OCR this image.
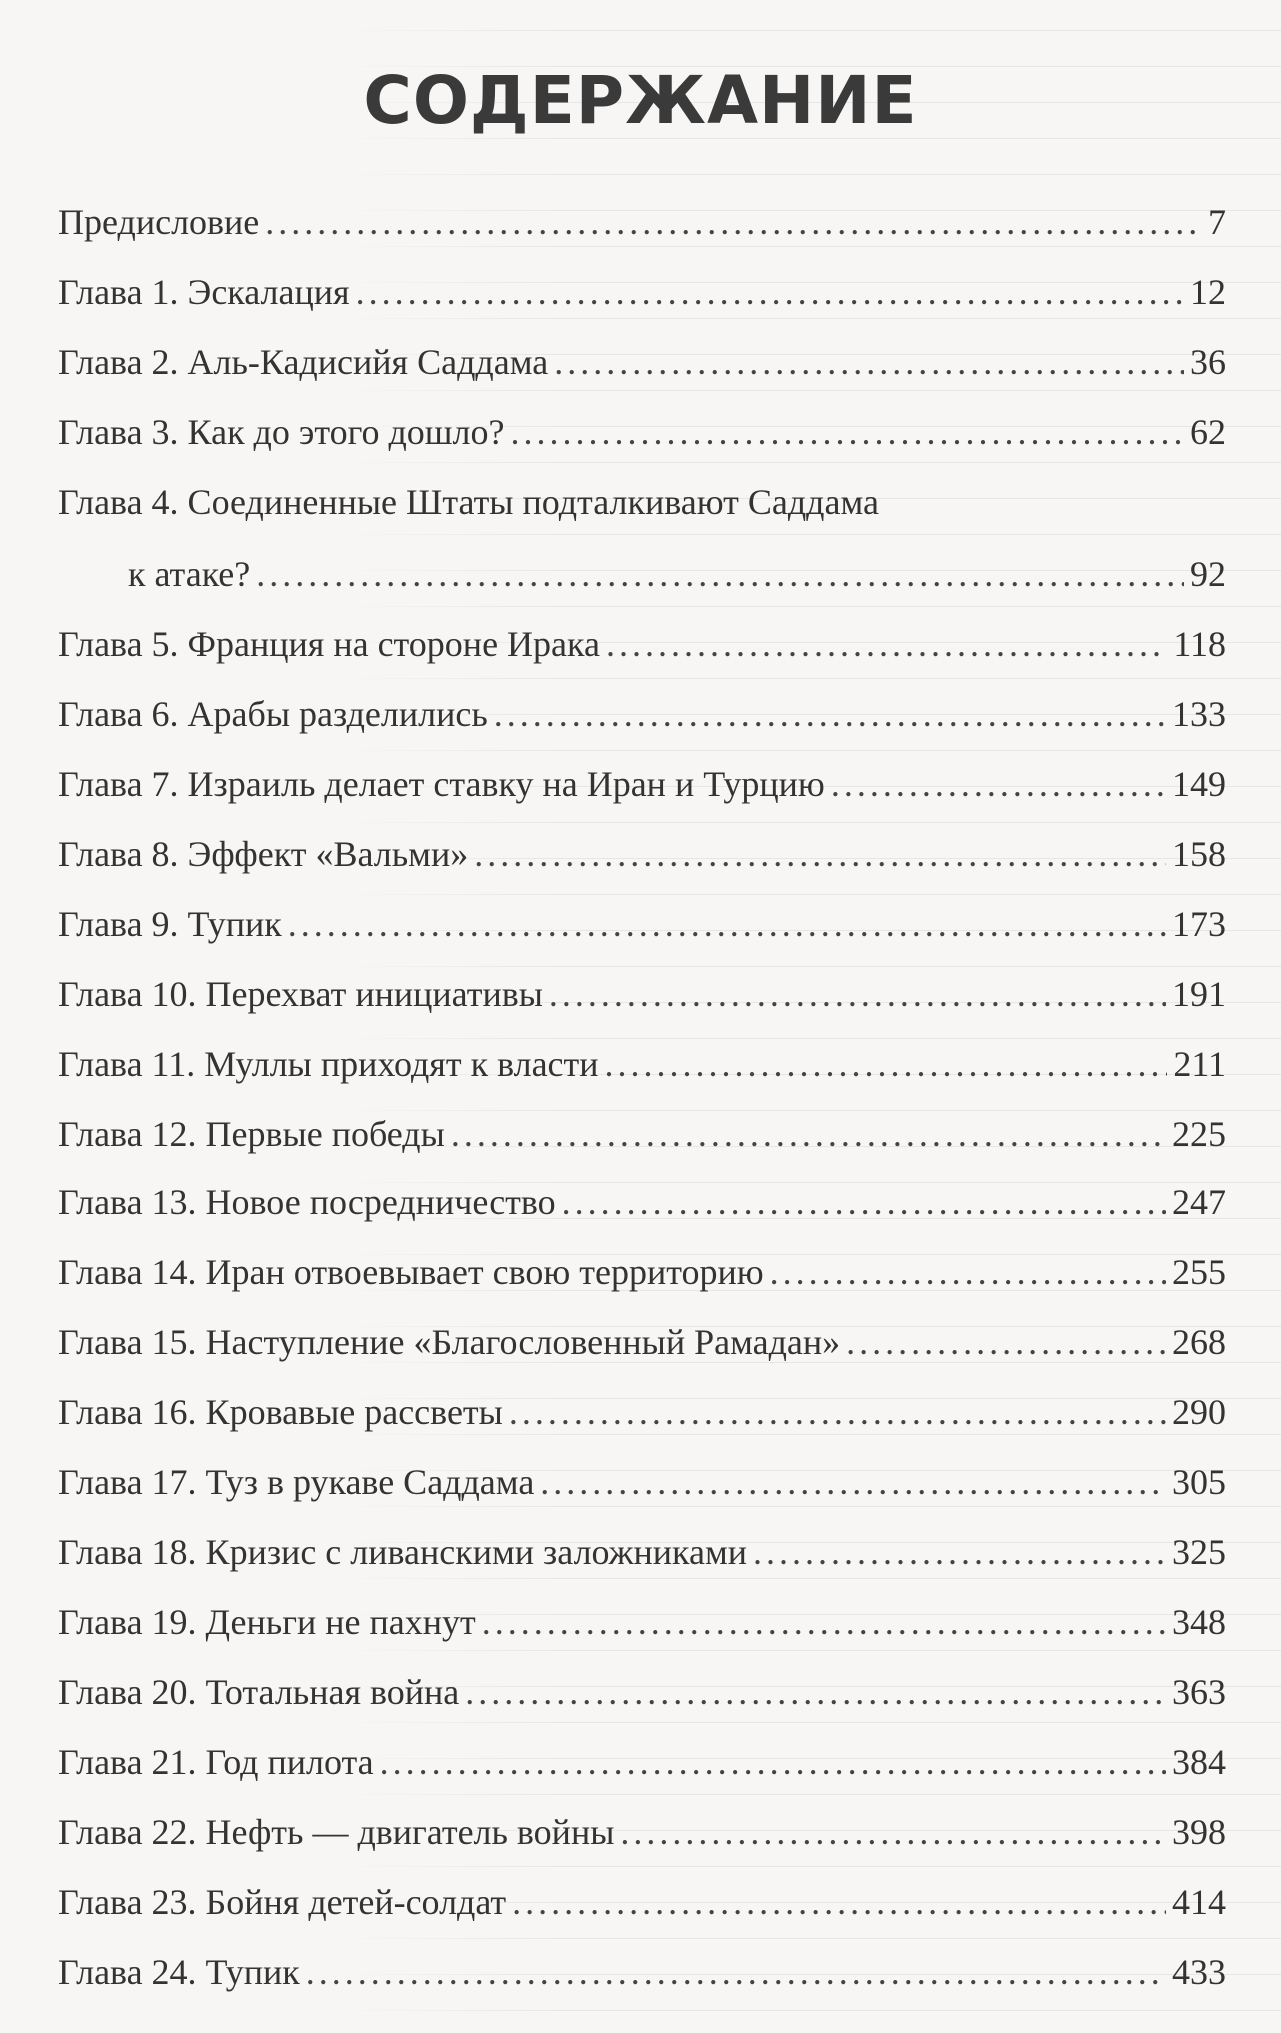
СОДЕРЖАНИЕ
Предисловие .....	7
Глава 1. Эскалация .....	12
Глава 2. Аль-Кадисийя Саддама .....	36
Глава 3. Как до этого дошло? .....	62
Глава 4. Соединенные Штаты подталкивают Саддама
к атаке? .....	92
Глава 5. Франция на стороне Ирака .....	118
Глава 6. Арабы разделились .....	133
Глава 7. Израиль делает ставку на Иран и Турцию .....	149
Глава 8. Эффект «Вальми» .....	158
Глава 9. Тупик .....	173
Глава 10. Перехват инициативы .....	191
Глава 11. Муллы приходят к власти .....	211
Глава 12. Первые победы .....	225
Глава 13. Новое посредничество .....	247
Глава 14. Иран отвоевывает свою территорию .....	255
Глава 15. Наступление «Благословенный Рамадан» .....	268
Глава 16. Кровавые рассветы .....	290
Глава 17. Туз в рукаве Саддама .....	305
Глава 18. Кризис с ливанскими заложниками .....	325
Глава 19. Деньги не пахнут .....	348
Глава 20. Тотальная война .....	363
Глава 21. Год пилота .....	384
Глава 22. Нефть — двигатель войны .....	398
Глава 23. Бойня детей-солдат .....	414
Глава 24. Тупик .....	433
